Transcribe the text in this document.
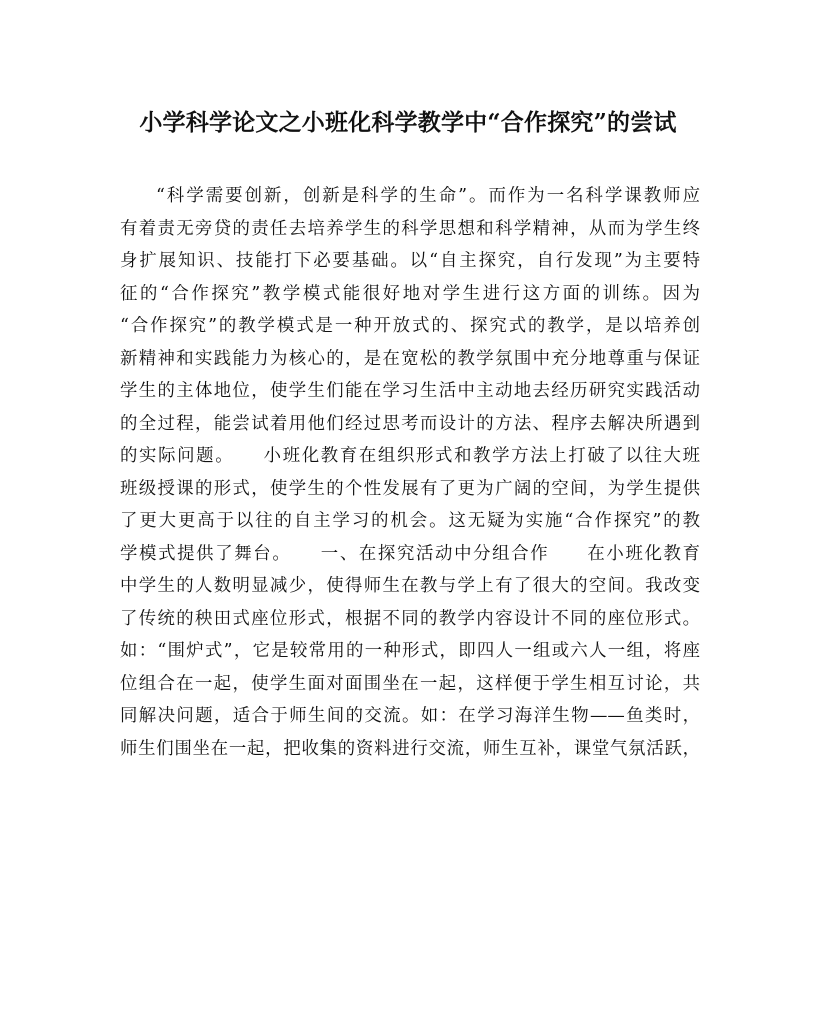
小学科学论文之小班化科学教学中“合作探究”的尝试
“科学需要创新，创新是科学的生命”。而作为一名科学课教师应
有着责无旁贷的责任去培养学生的科学思想和科学精神，从而为学生终
身扩展知识、技能打下必要基础。以“自主探究，自行发现”为主要特
征的“合作探究”教学模式能很好地对学生进行这方面的训练。因为
“合作探究”的教学模式是一种开放式的、探究式的教学，是以培养创
新精神和实践能力为核心的，是在宽松的教学氛围中充分地尊重与保证
学生的主体地位，使学生们能在学习生活中主动地去经历研究实践活动
的全过程，能尝试着用他们经过思考而设计的方法、程序去解决所遇到
的实际问题。　　小班化教育在组织形式和教学方法上打破了以往大班
班级授课的形式，使学生的个性发展有了更为广阔的空间，为学生提供
了更大更高于以往的自主学习的机会。这无疑为实施“合作探究”的教
学模式提供了舞台。　　一、在探究活动中分组合作　　在小班化教育
中学生的人数明显减少，使得师生在教与学上有了很大的空间。我改变
了传统的秧田式座位形式，根据不同的教学内容设计不同的座位形式。
如：“围炉式”，它是较常用的一种形式，即四人一组或六人一组，将座
位组合在一起，使学生面对面围坐在一起，这样便于学生相互讨论，共
同解决问题，适合于师生间的交流。如：在学习海洋生物——鱼类时，
师生们围坐在一起，把收集的资料进行交流，师生互补，课堂气氛活跃，
